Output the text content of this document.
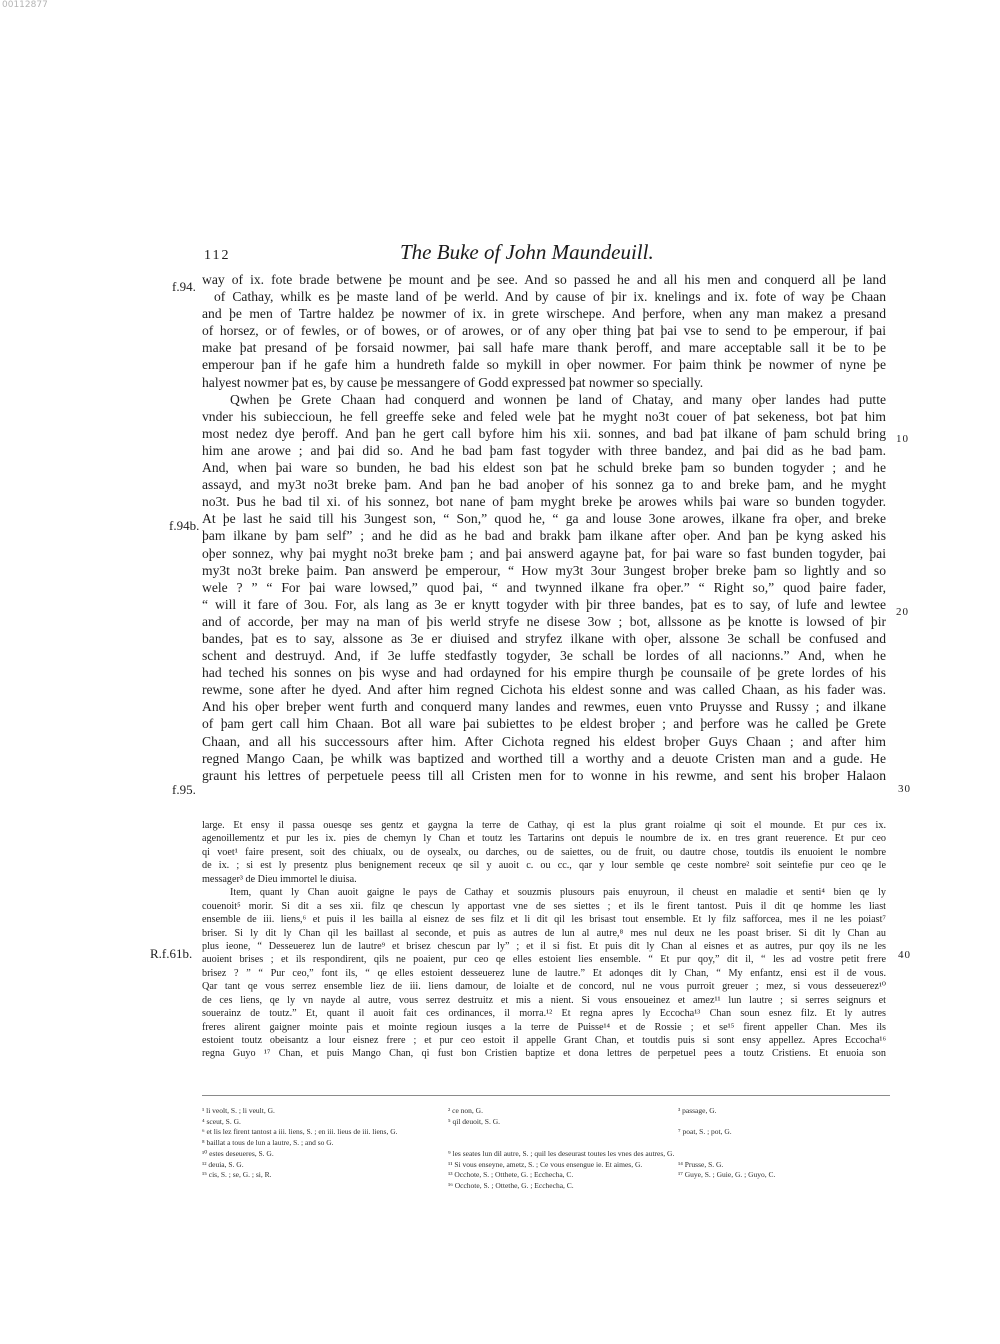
00112877
112	The Buke of John Maundeuill.
f.94.
f.94b.
f.95.
R.f.61b.
10
20
30
40
way of ix. fote brade betwene þe mount and þe see. And so passed he and all his men and conquerd all þe land
of Cathay, whilk es þe maste land of þe werld. And by cause of þir ix. knelings and ix. fote of way þe Chaan
and þe men of Tartre haldez þe nowmer of ix. in grete wirschepe. And þerfore, when any man makez a presand
of horsez, or of fewles, or of bowes, or of arowes, or of any oþer thing þat þai vse to send to þe emperour, if þai
make þat presand of þe forsaid nowmer, þai sall hafe mare thank þeroff, and mare acceptable sall it be to þe
emperour þan if he gafe him a hundreth falde so mykill in oþer nowmer. For þaim think þe nowmer of nyne þe
halyest nowmer þat es, by cause þe messangere of Godd expressed þat nowmer so specially.
Qwhen þe Grete Chaan had conquerd and wonnen þe land of Chatay, and many oþer landes had putte
vnder his subieccioun, he fell greeffe seke and feled wele þat he myght no3t couer of þat sekeness, bot þat him
most nedez dye þeroff. And þan he gert call byfore him his xii. sonnes, and bad þat ilkane of þam schuld bring
him ane arowe ; and þai did so. And he bad þam fast togyder with three bandez, and þai did as he bad þam.
And, when þai ware so bunden, he bad his eldest son þat he schuld breke þam so bunden togyder ; and he
assayd, and my3t no3t breke þam. And þan he bad anoþer of his sonnez ga to and breke þam, and he myght
no3t. Þus he bad til xi. of his sonnez, bot nane of þam myght breke þe arowes whils þai ware so bunden togyder.
At þe last he said till his 3ungest son, “ Son,” quod he, “ ga and louse 3one arowes, ilkane fra oþer, and breke
þam ilkane by þam self” ; and he did as he bad and brakk þam ilkane after oþer. And þan þe kyng asked his
oþer sonnez, why þai myght no3t breke þam ; and þai answerd agayne þat, for þai ware so fast bunden togyder, þai
my3t no3t breke þaim. Þan answerd þe emperour, “ How my3t 3our 3ungest broþer breke þam so lightly and so
wele ? ” “ For þai ware lowsed,” quod þai, “ and twynned ilkane fra oþer.” “ Right so,” quod þaire fader,
“ will it fare of 3ou. For, als lang as 3e er knytt togyder with þir three bandes, þat es to say, of lufe and lewtee
and of accorde, þer may na man of þis werld stryfe ne disese 3ow ; bot, allssone as þe knotte is lowsed of þir
bandes, þat es to say, alssone as 3e er diuised and stryfez ilkane with oþer, alssone 3e schall be confused and
schent and destruyd. And, if 3e luffe stedfastly togyder, 3e schall be lordes of all nacionns.” And, when he
had teched his sonnes on þis wyse and had ordayned for his empire thurgh þe counsaile of þe grete lordes of his
rewme, sone after he dyed. And after him regned Cichota his eldest sonne and was called Chaan, as his fader was.
And his oþer breþer went furth and conquerd many landes and rewmes, euen vnto Pruysse and Russy ; and ilkane
of þam gert call him Chaan. Bot all ware þai subiettes to þe eldest broþer ; and þerfore was he called þe Grete
Chaan, and all his successours after him. After Cichota regned his eldest broþer Guys Chaan ; and after him
regned Mango Caan, þe whilk was baptized and worthed till a worthy and a deuote Cristen man and a gude. He
graunt his lettres of perpetuele peess till all Cristen men for to wonne in his rewme, and sent his broþer Halaon
large. Et ensy il passa ouesqe ses gentz et gaygna la terre de Cathay, qi est la plus grant roialme qi soit el mounde. Et pur ces ix.
agenoillementz et pur les ix. pies de chemyn ly Chan et toutz les Tartarins ont depuis le noumbre de ix. en tres grant reuerence. Et pur ceo
qi voet¹ faire present, soit des chiualx, ou de oysealx, ou darches, ou de saiettes, ou de fruit, ou dautre chose, toutdis ils enuoient le nombre
de ix. ; si est ly presentz plus benignement receux qe sil y auoit c. ou cc., qar y lour semble qe ceste nombre² soit seintefie pur ceo qe le
messager³ de Dieu immortel le diuisa.
Item, quant ly Chan auoit gaigne le pays de Cathay et souzmis plusours pais enuyroun, il cheust en maladie et senti⁴ bien qe ly
couenoit⁵ morir. Si dit a ses xii. filz qe chescun ly apportast vne de ses siettes ; et ils le firent tantost. Puis il dit qe homme les liast
ensemble de iii. liens,⁶ et puis il les bailla al eisnez de ses filz et li dit qil les brisast tout ensemble. Et ly filz safforcea, mes il ne les poiast⁷
briser. Si ly dit ly Chan qil les baillast al seconde, et puis as autres de lun al autre,⁸ mes nul deux ne les poast briser. Si dit ly Chan au
plus ieone, “ Desseuerez lun de lautre⁹ et brisez chescun par ly” ; et il si fist. Et puis dit ly Chan al eisnes et as autres, pur qoy ils ne les
auoient brises ; et ils respondirent, qils ne poaient, pur ceo qe elles estoient lies ensemble. “ Et pur qoy,” dit il, “ les ad vostre petit frere
brisez ? ” “ Pur ceo,” font ils, “ qe elles estoient desseuerez lune de lautre.” Et adonqes dit ly Chan, “ My enfantz, ensi est il de vous.
Qar tant qe vous serrez ensemble liez de iii. liens damour, de loialte et de concord, nul ne vous purroit greuer ; mez, si vous desseuerez¹⁰
de ces liens, qe ly vn nayde al autre, vous serrez destruitz et mis a nient. Si vous ensoueinez et amez¹¹ lun lautre ; si serres seignurs et
souerainz de toutz.” Et, quant il auoit fait ces ordinances, il morra.¹² Et regna apres ly Eccocha¹³ Chan soun esnez filz. Et ly autres
freres alirent gaigner mointe pais et mointe regioun iusqes a la terre de Puisse¹⁴ et de Rossie ; et se¹⁵ firent appeller Chan. Mes ils
estoient toutz obeisantz a lour eisnez frere ; et pur ceo estoit il appelle Grant Chan, et toutdis puis si sont ensy appellez. Apres Eccocha¹⁶
regna Guyo ¹⁷ Chan, et puis Mango Chan, qi fust bon Cristien baptize et dona lettres de perpetuel pees a toutz Cristiens. Et enuoia son
¹ li veolt, S. ; li veult, G.
⁴ sceut, S. G.
⁶ et lis lez firent tantost a iii. liens, S. ; en iii. lieus de iii. liens, G.
⁸ baillat a tous de lun a lautre, S. ; and so G.
¹⁰ estes deseueres, S. G.
¹² deuia, S. G.
¹⁵ cis, S. ; se, G. ; si, R.
² ce non, G.
⁵ qil deuoit, S. G.
⁹ les seates lun dil autre, S. ; quil les deseurast toutes les vnes des autres, G.
¹¹ Si vous enseyne, ametz, S. ; Ce vous ensengue ie. Et aimes, G.
¹³ Occhote, S. ; Otthete, G. ; Ecchecha, C.
¹⁶ Occhote, S. ; Ottethe, G. ; Ecchecha, C.
³ passage, G.
⁷ poat, S. ; pot, G.
¹⁴ Prusse, S. G.
¹⁷ Guye, S. ; Guie, G. ; Guyo, C.
